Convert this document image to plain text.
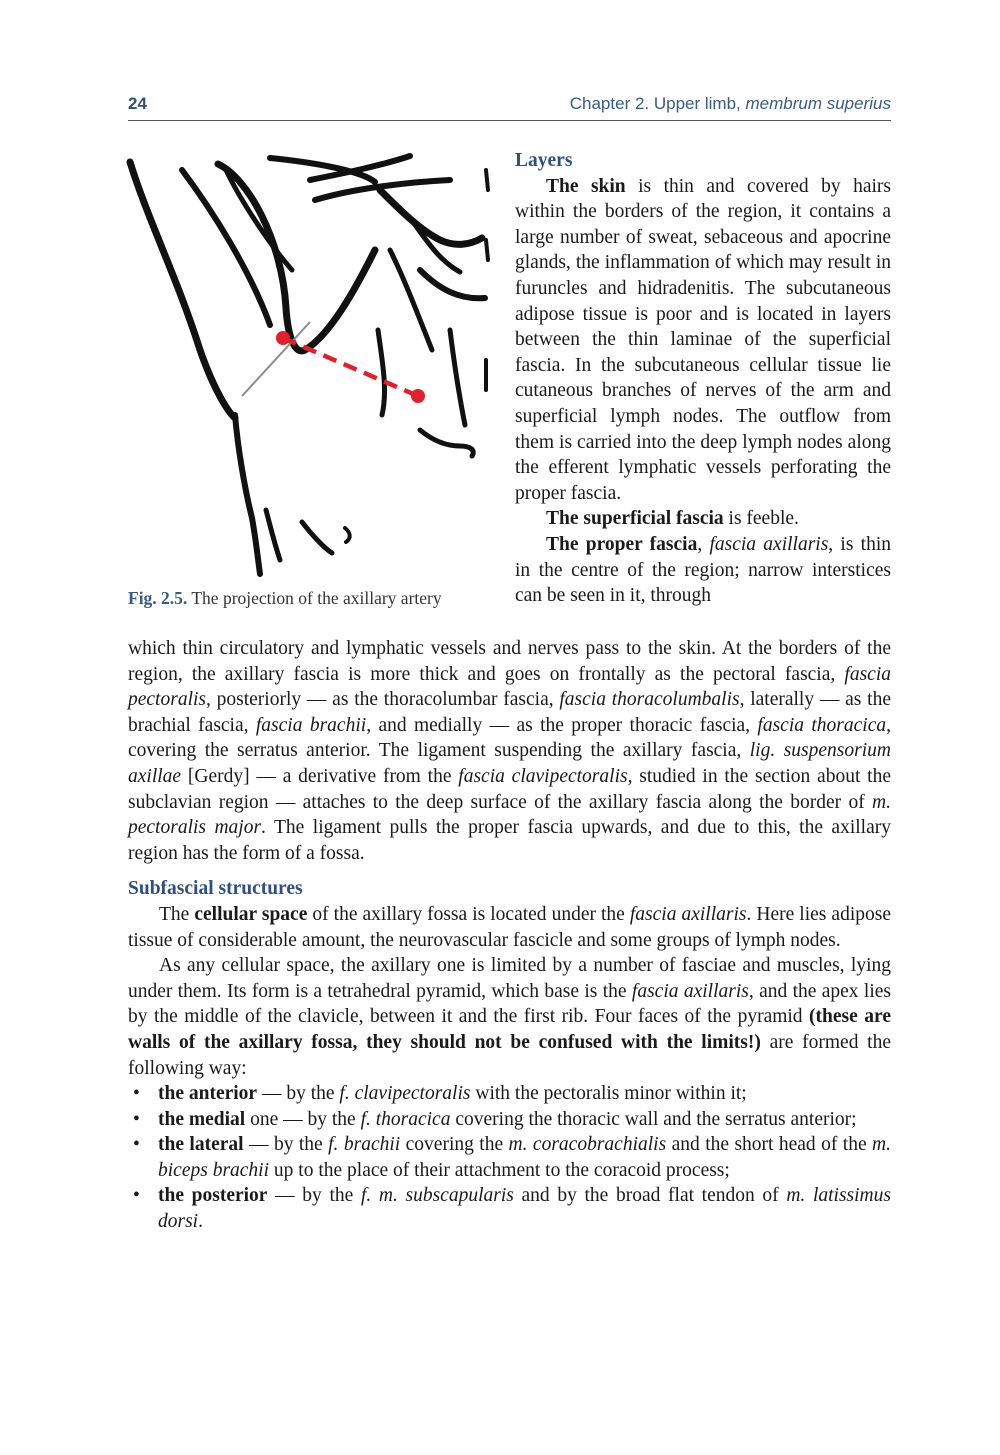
24	Chapter 2. Upper limb, membrum superius
Fig. 2.5. The projection of the axillary artery

Layers

The skin is thin and covered by hairs within the borders of the region, it contains a large number of sweat, sebaceous and apocrine glands, the inflammation of which may result in furuncles and hidradenitis. The subcutaneous adipose tissue is poor and is located in layers between the thin laminae of the superficial fascia. In the subcutaneous cellular tissue lie cutaneous branches of nerves of the arm and superficial lymph nodes. The outflow from them is carried into the deep lymph nodes along the efferent lymphatic vessels perforating the proper fascia.

The superficial fascia is feeble.

The proper fascia, fascia axillaris, is thin in the centre of the region; narrow interstices can be seen in it, through

which thin circulatory and lymphatic vessels and nerves pass to the skin. At the borders of the region, the axillary fascia is more thick and goes on frontally as the pectoral fascia, fascia pectoralis, posteriorly — as the thoracolumbar fascia, fascia thoracolumbalis, laterally — as the brachial fascia, fascia brachii, and medially — as the proper thoracic fascia, fascia thoracica, covering the serratus anterior. The ligament suspending the axillary fascia, lig. suspensorium axillae [Gerdy] — a derivative from the fascia clavipectoralis, studied in the section about the subclavian region — attaches to the deep surface of the axillary fascia along the border of m. pectoralis major. The ligament pulls the proper fascia upwards, and due to this, the axillary region has the form of a fossa.

Subfascial structures

The cellular space of the axillary fossa is located under the fascia axillaris. Here lies adipose tissue of considerable amount, the neurovascular fascicle and some groups of lymph nodes.

As any cellular space, the axillary one is limited by a number of fasciae and muscles, lying under them. Its form is a tetrahedral pyramid, which base is the fascia axillaris, and the apex lies by the middle of the clavicle, between it and the first rib. Four faces of the pyramid (these are walls of the axillary fossa, they should not be confused with the limits!) are formed the following way:

• the anterior — by the f. clavipectoralis with the pectoralis minor within it;
• the medial one — by the f. thoracica covering the thoracic wall and the serratus anterior;
• the lateral — by the f. brachii covering the m. coracobrachialis and the short head of the m. biceps brachii up to the place of their attachment to the coracoid process;
• the posterior — by the f. m. subscapularis and by the broad flat tendon of m. latissimus dorsi.
